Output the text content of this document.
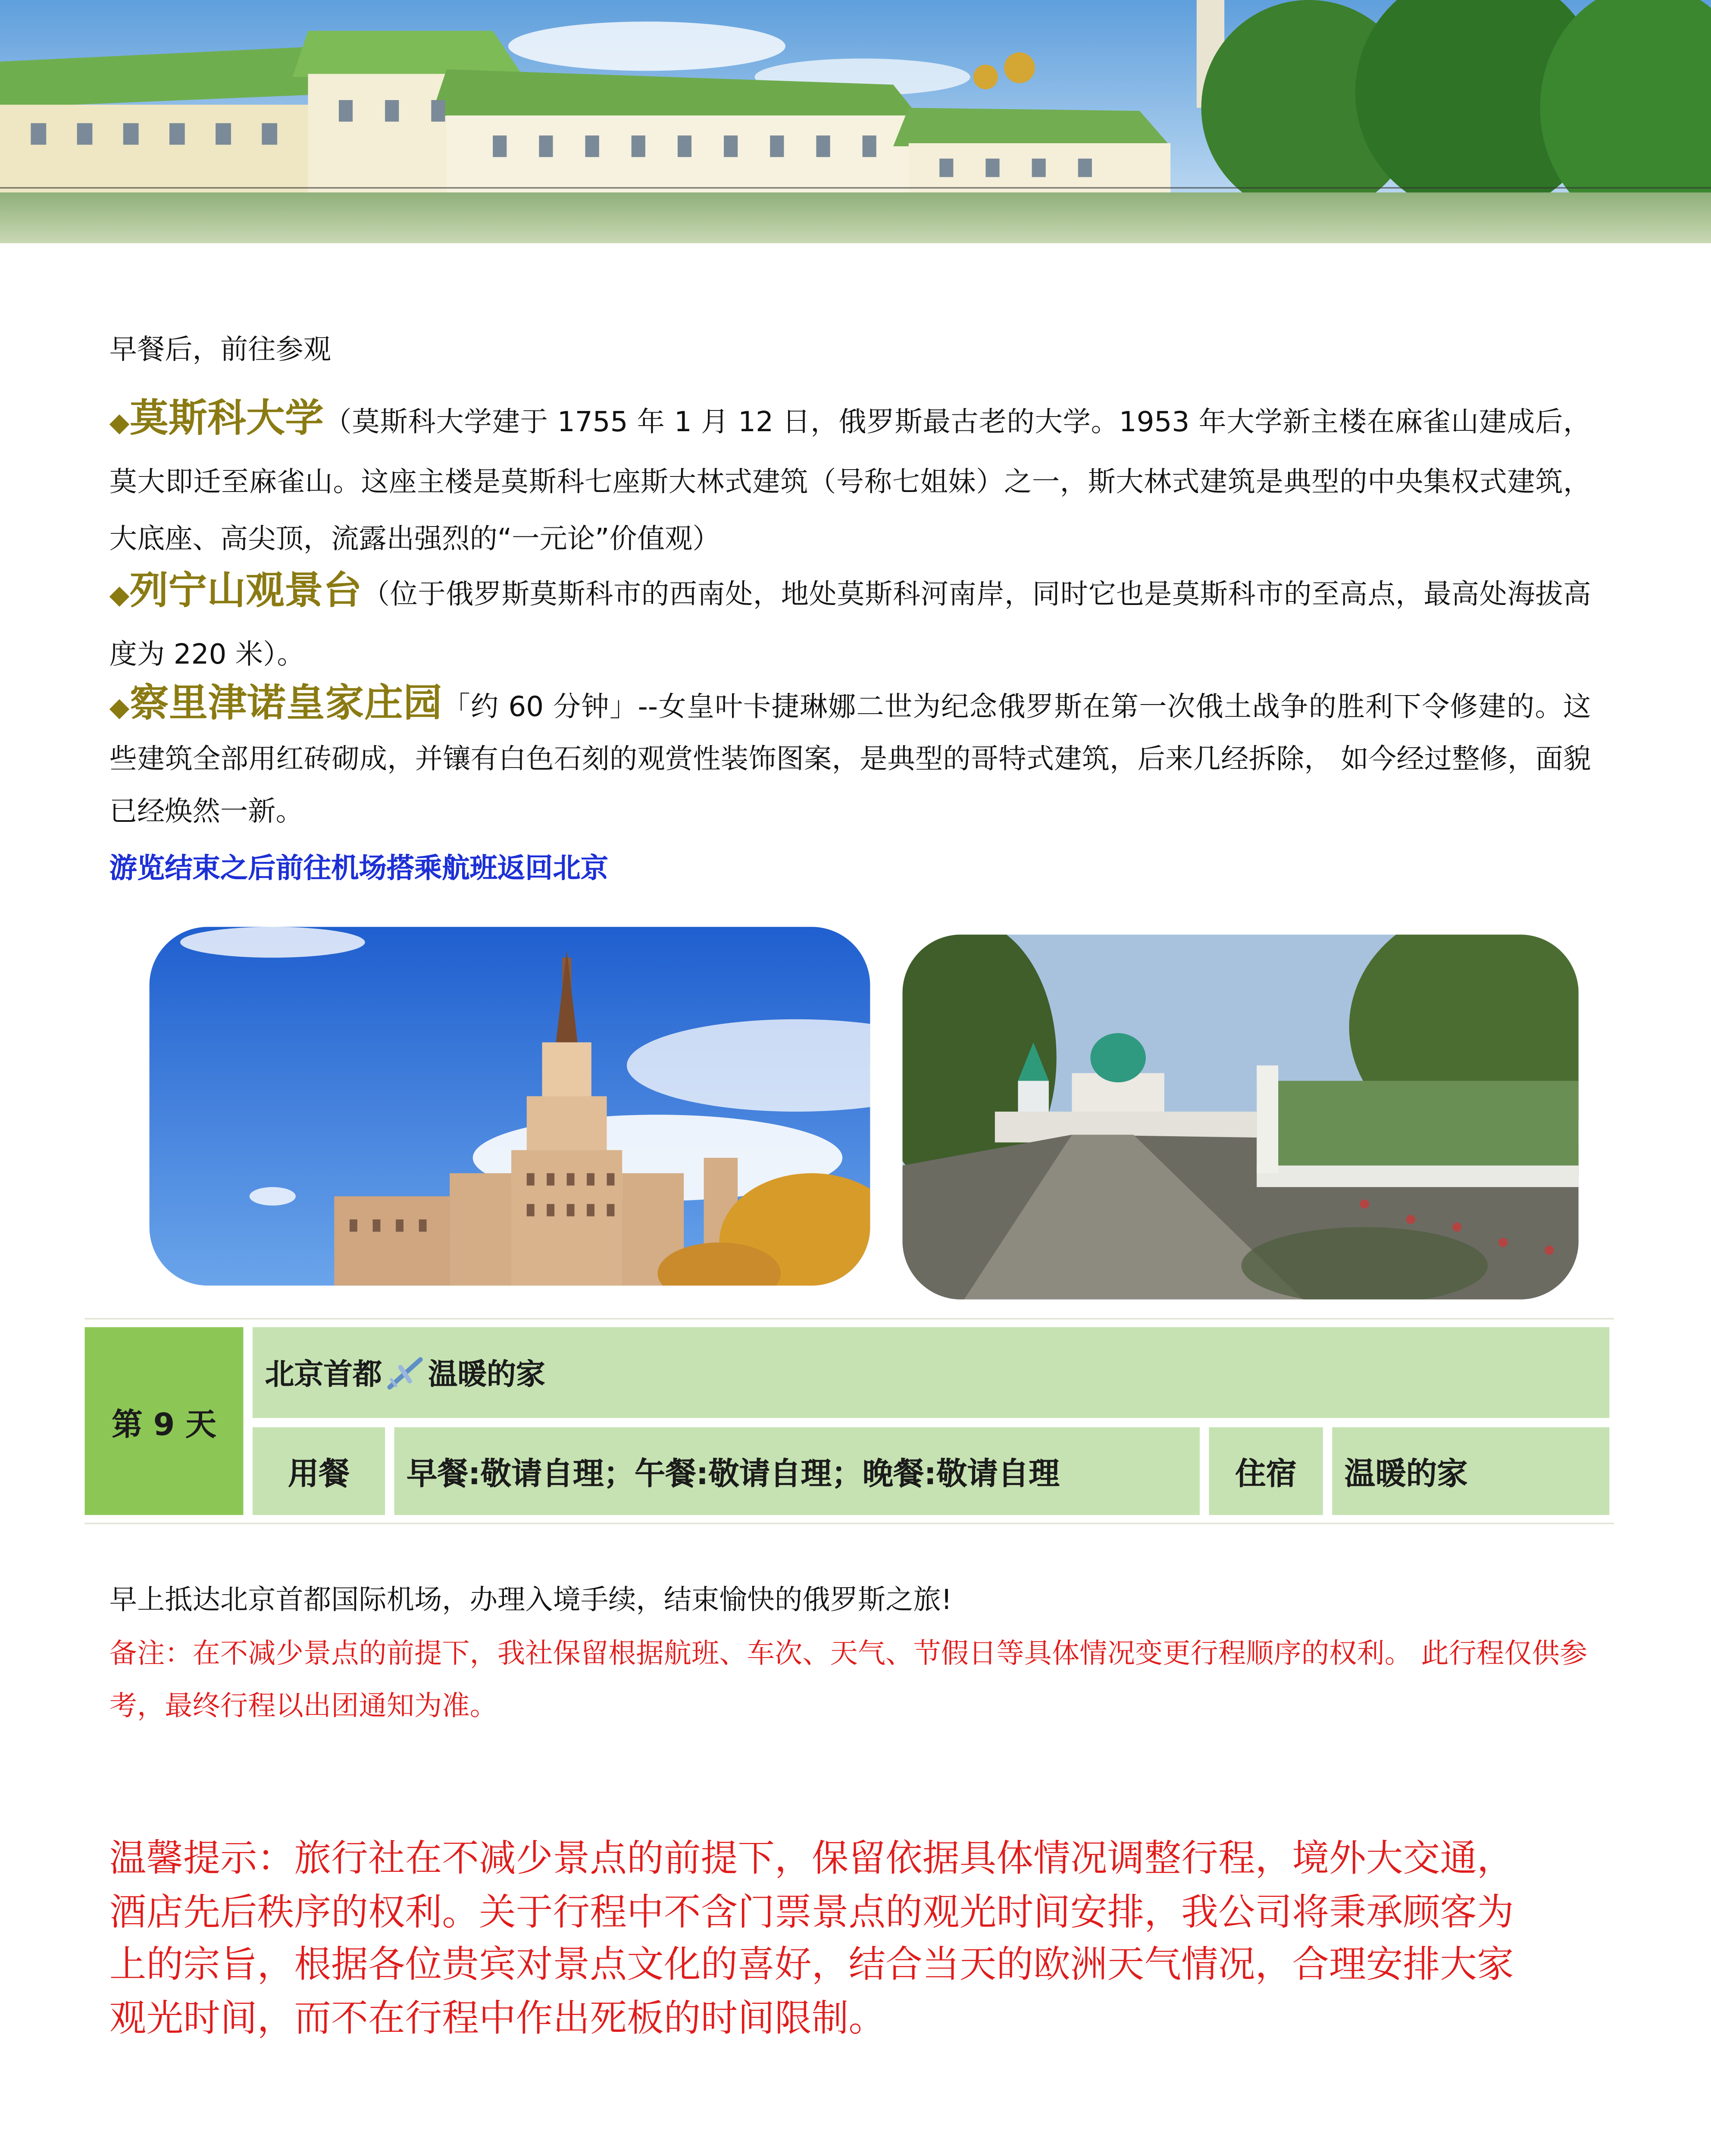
早餐后，前往参观
◆莫斯科大学（莫斯科大学建于 1755 年 1 月 12 日，俄罗斯最古老的大学。1953 年大学新主楼在麻雀山建成后，莫大即迁至麻雀山。这座主楼是莫斯科七座斯大林式建筑（号称七姐妹）之一，斯大林式建筑是典型的中央集权式建筑，大底座、高尖顶，流露出强烈的“一元论”价值观）
◆列宁山观景台（位于俄罗斯莫斯科市的西南处，地处莫斯科河南岸，同时它也是莫斯科市的至高点，最高处海拔高度为 220 米）。
◆察里津诺皇家庄园「约 60 分钟」--女皇叶卡捷琳娜二世为纪念俄罗斯在第一次俄土战争的胜利下令修建的。这些建筑全部用红砖砌成，并镶有白色石刻的观赏性装饰图案，是典型的哥特式建筑，后来几经拆除， 如今经过整修，面貌已经焕然一新。
游览结束之后前往机场搭乘航班返回北京
第 9 天
北京首都	温暖的家
用餐	早餐:敬请自理；午餐:敬请自理；晚餐:敬请自理	住宿	温暖的家
早上抵达北京首都国际机场，办理入境手续，结束愉快的俄罗斯之旅!
备注：在不减少景点的前提下，我社保留根据航班、车次、天气、节假日等具体情况变更行程顺序的权利。 此行程仅供参考，最终行程以出团通知为准。
温馨提示：旅行社在不减少景点的前提下，保留依据具体情况调整行程，境外大交通，酒店先后秩序的权利。关于行程中不含门票景点的观光时间安排，我公司将秉承顾客为上的宗旨，根据各位贵宾对景点文化的喜好，结合当天的欧洲天气情况，合理安排大家观光时间，而不在行程中作出死板的时间限制。
